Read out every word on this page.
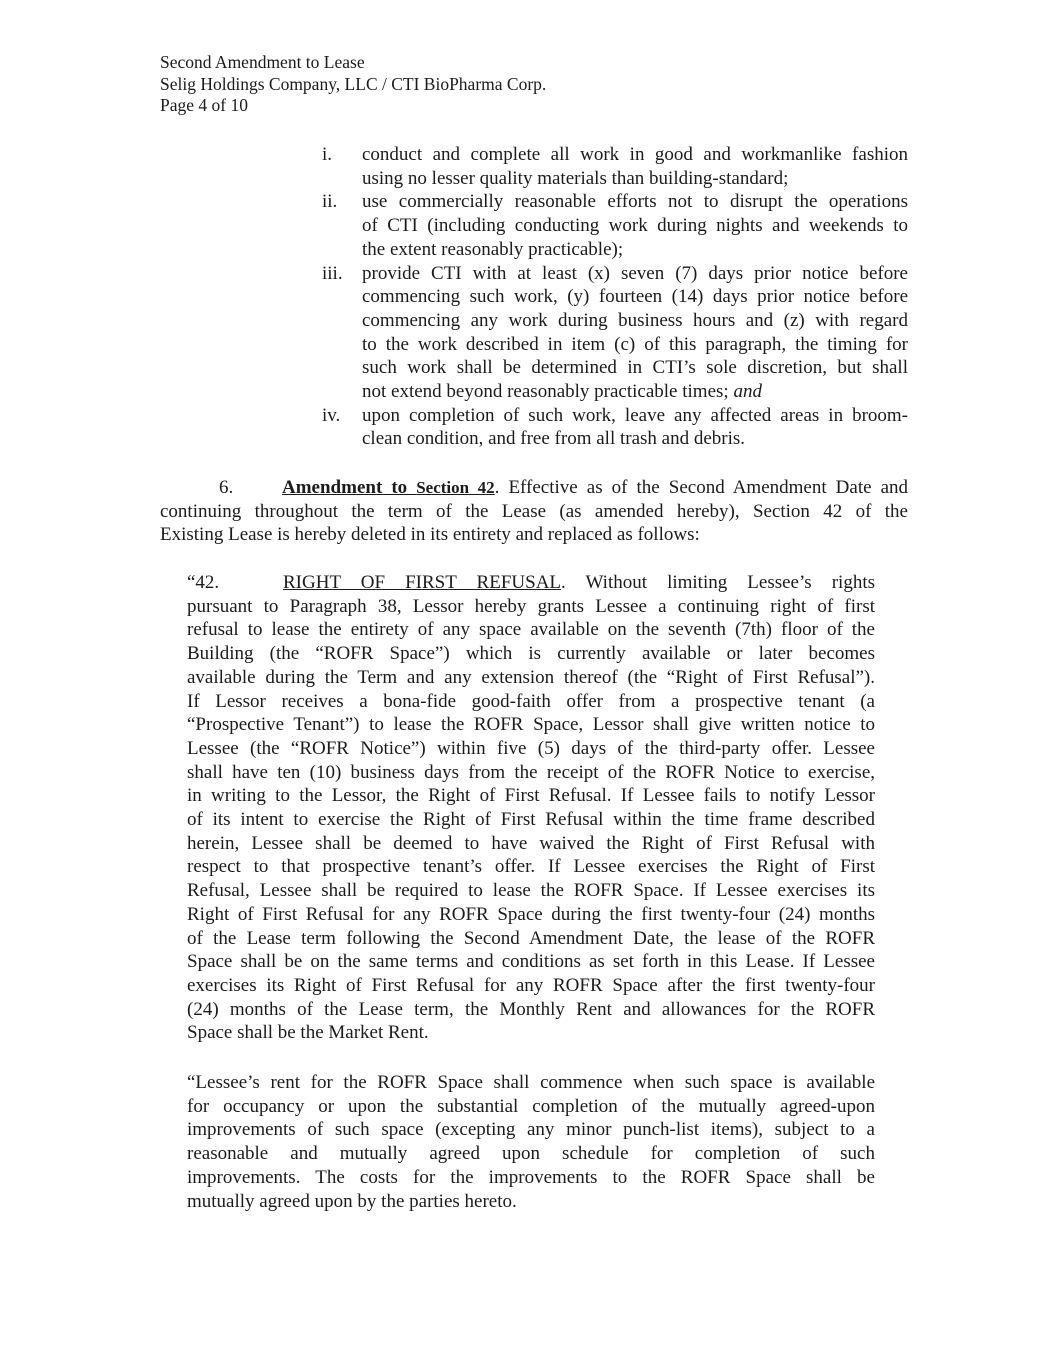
Second Amendment to Lease
Selig Holdings Company, LLC / CTI BioPharma Corp.
Page 4 of 10
i.	conduct and complete all work in good and workmanlike fashion
using no lesser quality materials than building-standard;
ii.	use commercially reasonable efforts not to disrupt the operations
of CTI (including conducting work during nights and weekends to
the extent reasonably practicable);
iii.	provide CTI with at least (x) seven (7) days prior notice before
commencing such work, (y) fourteen (14) days prior notice before
commencing any work during business hours and (z) with regard
to the work described in item (c) of this paragraph, the timing for
such work shall be determined in CTI’s sole discretion, but shall
not extend beyond reasonably practicable times; and
iv.	upon completion of such work, leave any affected areas in broom-
clean condition, and free from all trash and debris.
6.	Amendment to Section 42. Effective as of the Second Amendment Date and
continuing throughout the term of the Lease (as amended hereby), Section 42 of the
Existing Lease is hereby deleted in its entirety and replaced as follows:
“42.	RIGHT OF FIRST REFUSAL. Without limiting Lessee’s rights
pursuant to Paragraph 38, Lessor hereby grants Lessee a continuing right of first
refusal to lease the entirety of any space available on the seventh (7th) floor of the
Building (the “ROFR Space”) which is currently available or later becomes
available during the Term and any extension thereof (the “Right of First Refusal”).
If Lessor receives a bona-fide good-faith offer from a prospective tenant (a
“Prospective Tenant”) to lease the ROFR Space, Lessor shall give written notice to
Lessee (the “ROFR Notice”) within five (5) days of the third-party offer. Lessee
shall have ten (10) business days from the receipt of the ROFR Notice to exercise,
in writing to the Lessor, the Right of First Refusal. If Lessee fails to notify Lessor
of its intent to exercise the Right of First Refusal within the time frame described
herein, Lessee shall be deemed to have waived the Right of First Refusal with
respect to that prospective tenant’s offer. If Lessee exercises the Right of First
Refusal, Lessee shall be required to lease the ROFR Space. If Lessee exercises its
Right of First Refusal for any ROFR Space during the first twenty-four (24) months
of the Lease term following the Second Amendment Date, the lease of the ROFR
Space shall be on the same terms and conditions as set forth in this Lease. If Lessee
exercises its Right of First Refusal for any ROFR Space after the first twenty-four
(24) months of the Lease term, the Monthly Rent and allowances for the ROFR
Space shall be the Market Rent.
“Lessee’s rent for the ROFR Space shall commence when such space is available
for occupancy or upon the substantial completion of the mutually agreed-upon
improvements of such space (excepting any minor punch-list items), subject to a
reasonable and mutually agreed upon schedule for completion of such
improvements. The costs for the improvements to the ROFR Space shall be
mutually agreed upon by the parties hereto.
